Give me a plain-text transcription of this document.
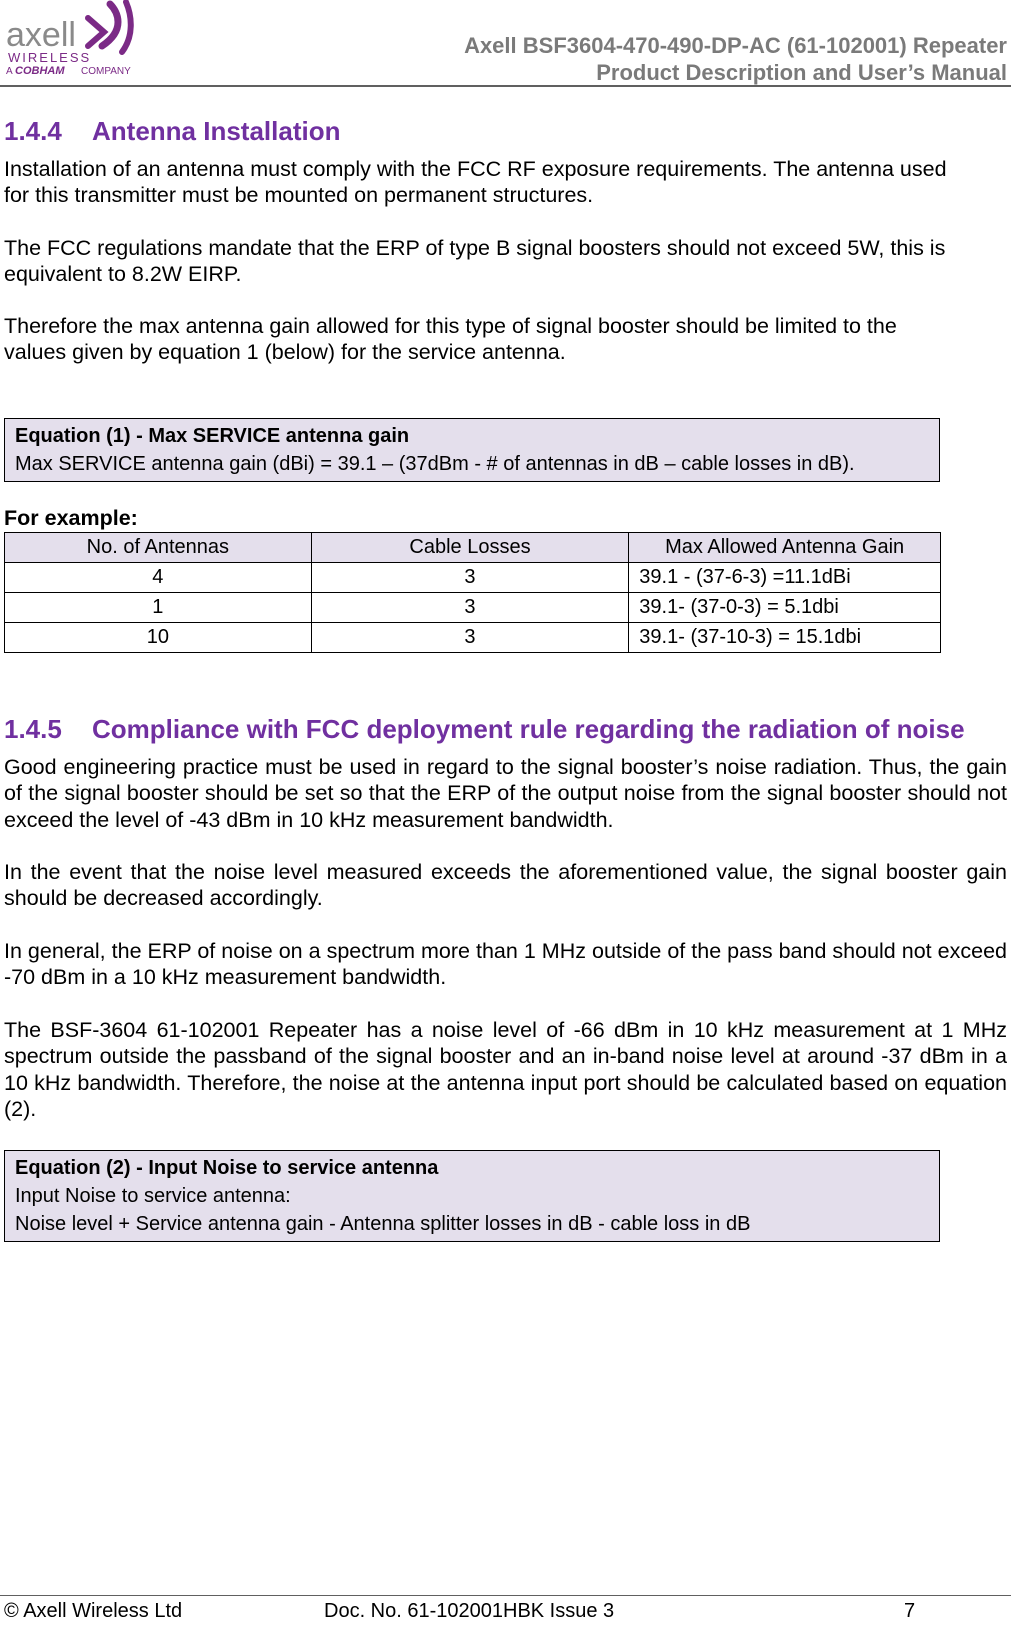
axell
WIRELESS
A COBHAM COMPANY
Axell BSF3604-470-490-DP-AC (61-102001) Repeater
Product Description and User’s Manual
1.4.4 Antenna Installation

Installation of an antenna must comply with the FCC RF exposure requirements. The antenna used for this transmitter must be mounted on permanent structures.

The FCC regulations mandate that the ERP of type B signal boosters should not exceed 5W, this is equivalent to 8.2W EIRP.

Therefore the max antenna gain allowed for this type of signal booster should be limited to the values given by equation 1 (below) for the service antenna.

Equation (1) - Max SERVICE antenna gain
Max SERVICE antenna gain (dBi) = 39.1 – (37dBm - # of antennas in dB – cable losses in dB).

For example:

No. of Antennas	Cable Losses	Max Allowed Antenna Gain
4	3	39.1 - (37-6-3) =11.1dBi
1	3	39.1- (37-0-3) = 5.1dbi
10	3	39.1- (37-10-3) = 15.1dbi
1.4.5 Compliance with FCC deployment rule regarding the radiation of noise

Good engineering practice must be used in regard to the signal booster’s noise radiation. Thus, the gain of the signal booster should be set so that the ERP of the output noise from the signal booster should not exceed the level of -43 dBm in 10 kHz measurement bandwidth.

In the event that the noise level measured exceeds the aforementioned value, the signal booster gain should be decreased accordingly.

In general, the ERP of noise on a spectrum more than 1 MHz outside of the pass band should not exceed -70 dBm in a 10 kHz measurement bandwidth.

The BSF-3604 61-102001 Repeater has a noise level of -66 dBm in 10 kHz measurement at 1 MHz spectrum outside the passband of the signal booster and an in-band noise level at around -37 dBm in a 10 kHz bandwidth. Therefore, the noise at the antenna input port should be calculated based on equation (2).

Equation (2) - Input Noise to service antenna
Input Noise to service antenna:
Noise level + Service antenna gain - Antenna splitter losses in dB - cable loss in dB
© Axell Wireless Ltd	Doc. No. 61-102001HBK Issue 3	7
